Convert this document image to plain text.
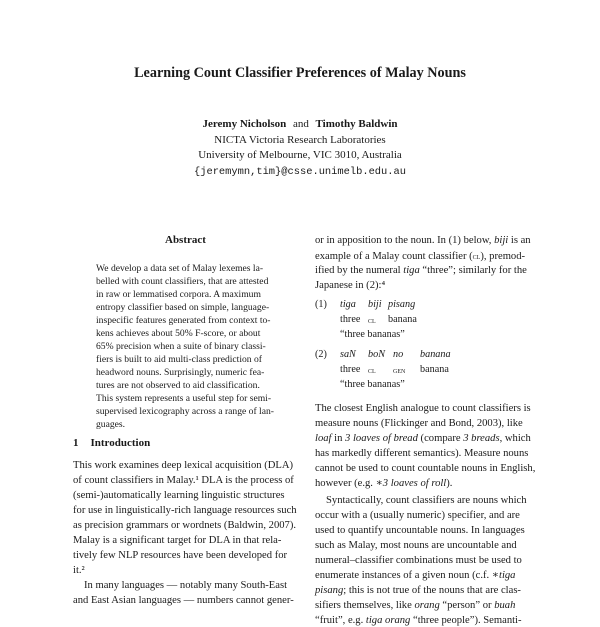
Learning Count Classifier Preferences of Malay Nouns
Jeremy Nicholson and Timothy Baldwin
NICTA Victoria Research Laboratories
University of Melbourne, VIC 3010, Australia
{jeremymn,tim}@csse.unimelb.edu.au
Abstract
We develop a data set of Malay lexemes la-
belled with count classifiers, that are attested
in raw or lemmatised corpora. A maximum
entropy classifier based on simple, language-
inspecific features generated from context to-
kens achieves about 50% F-score, or about
65% precision when a suite of binary classi-
fiers is built to aid multi-class prediction of
headword nouns. Surprisingly, numeric fea-
tures are not observed to aid classification.
This system represents a useful step for semi-
supervised lexicography across a range of lan-
guages.
1 Introduction
This work examines deep lexical acquisition (DLA)
of count classifiers in Malay.¹ DLA is the process of
(semi-)automatically learning linguistic structures
for use in linguistically-rich language resources such
as precision grammars or wordnets (Baldwin, 2007).
Malay is a significant target for DLA in that rela-
tively few NLP resources have been developed for
it.²
In many languages — notably many South-East
and East Asian languages — numbers cannot gener-
or in apposition to the noun. In (1) below, biji is an
example of a Malay count classifier (cl), premod-
ified by the numeral tiga “three”; similarly for the
Japanese in (2):⁴
(1) tiga biji pisang
three cl banana
“three bananas”
(2) saN boN no banana
three cl gen banana
“three bananas”
The closest English analogue to count classifiers is
measure nouns (Flickinger and Bond, 2003), like
loaf in 3 loaves of bread (compare 3 breads, which
has markedly different semantics). Measure nouns
cannot be used to count countable nouns in English,
however (e.g. ∗3 loaves of roll).
Syntactically, count classifiers are nouns which
occur with a (usually numeric) specifier, and are
used to quantify uncountable nouns. In languages
such as Malay, most nouns are uncountable and
numeral–classifier combinations must be used to
enumerate instances of a given noun (c.f. ∗tiga
pisang; this is not true of the nouns that are clas-
sifiers themselves, like orang “person” or buah
“fruit”, e.g. tiga orang “three people”). Semanti-
